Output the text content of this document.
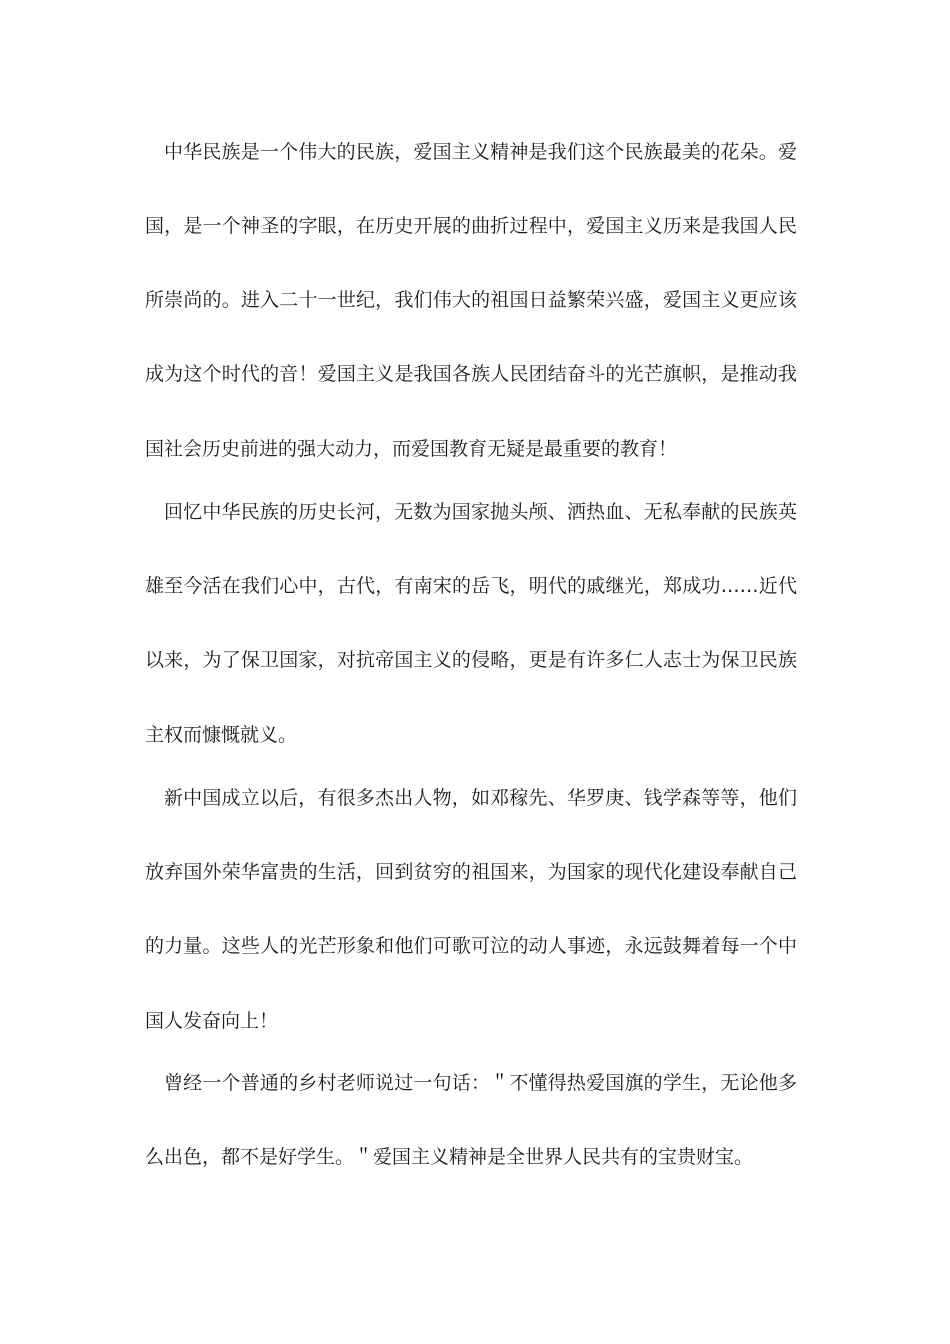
中华民族是一个伟大的民族，爱国主义精神是我们这个民族最美的花朵。爱

国，是一个神圣的字眼，在历史开展的曲折过程中，爱国主义历来是我国人民

所崇尚的。进入二十一世纪，我们伟大的祖国日益繁荣兴盛，爱国主义更应该

成为这个时代的音！爱国主义是我国各族人民团结奋斗的光芒旗帜，是推动我

国社会历史前进的强大动力，而爱国教育无疑是最重要的教育！

回忆中华民族的历史长河，无数为国家抛头颅、洒热血、无私奉献的民族英

雄至今活在我们心中，古代，有南宋的岳飞，明代的戚继光，郑成功……近代

以来，为了保卫国家，对抗帝国主义的侵略，更是有许多仁人志士为保卫民族

主权而慷慨就义。

新中国成立以后，有很多杰出人物，如邓稼先、华罗庚、钱学森等等，他们

放弃国外荣华富贵的生活，回到贫穷的祖国来，为国家的现代化建设奉献自己

的力量。这些人的光芒形象和他们可歌可泣的动人事迹，永远鼓舞着每一个中

国人发奋向上！

曾经一个普通的乡村老师说过一句话：＂不懂得热爱国旗的学生，无论他多

么出色，都不是好学生。＂爱国主义精神是全世界人民共有的宝贵财宝。
